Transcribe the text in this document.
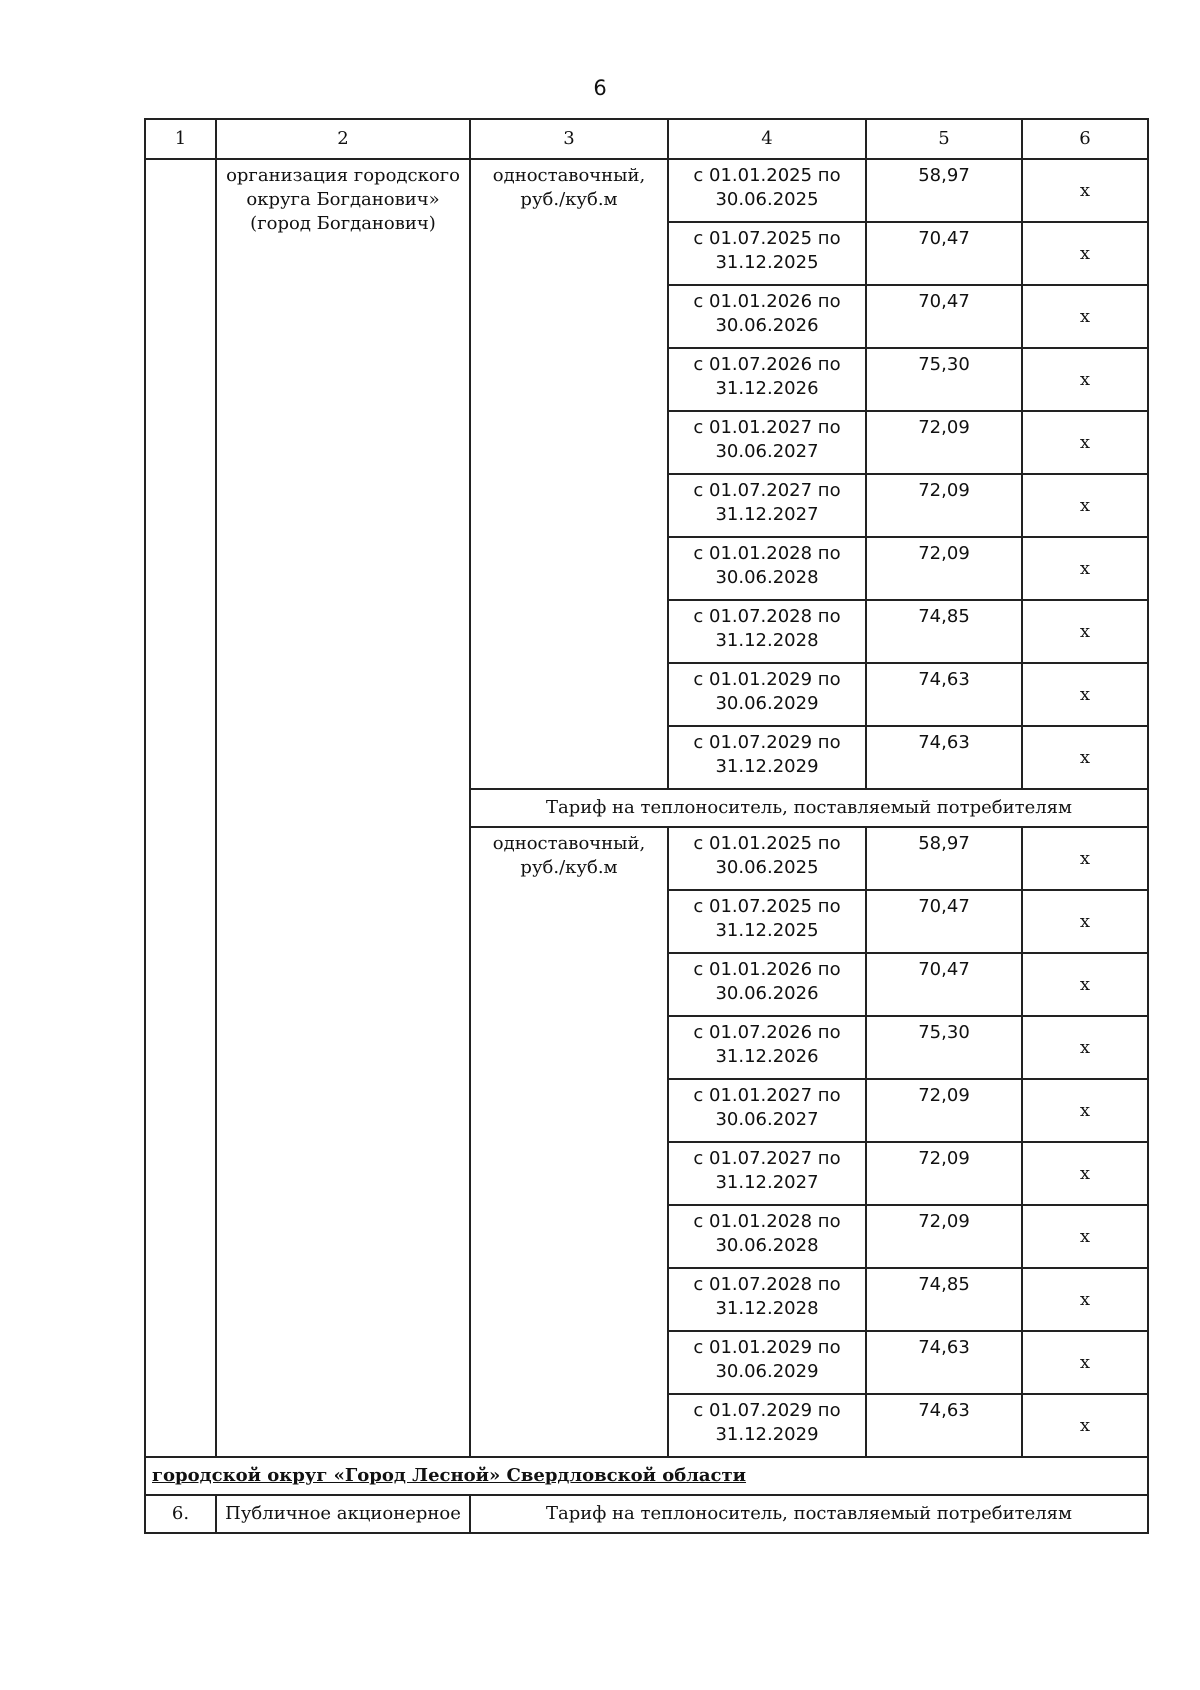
6
1	2	3	4	5	6
	организация городского округа Богданович» (город Богданович)	одноставочный, руб./куб.м	с 01.01.2025 по 30.06.2025	58,97	х
			с 01.07.2025 по 31.12.2025	70,47	х
			с 01.01.2026 по 30.06.2026	70,47	х
			с 01.07.2026 по 31.12.2026	75,30	х
			с 01.01.2027 по 30.06.2027	72,09	х
			с 01.07.2027 по 31.12.2027	72,09	х
			с 01.01.2028 по 30.06.2028	72,09	х
			с 01.07.2028 по 31.12.2028	74,85	х
			с 01.01.2029 по 30.06.2029	74,63	х
			с 01.07.2029 по 31.12.2029	74,63	х
		Тариф на теплоноситель, поставляемый потребителям			
		одноставочный, руб./куб.м	с 01.01.2025 по 30.06.2025	58,97	х
			с 01.07.2025 по 31.12.2025	70,47	х
			с 01.01.2026 по 30.06.2026	70,47	х
			с 01.07.2026 по 31.12.2026	75,30	х
			с 01.01.2027 по 30.06.2027	72,09	х
			с 01.07.2027 по 31.12.2027	72,09	х
			с 01.01.2028 по 30.06.2028	72,09	х
			с 01.07.2028 по 31.12.2028	74,85	х
			с 01.01.2029 по 30.06.2029	74,63	х
			с 01.07.2029 по 31.12.2029	74,63	х
городской округ «Город Лесной» Свердловской области					
6.	Публичное акционерное	Тариф на теплоноситель, поставляемый потребителям			
